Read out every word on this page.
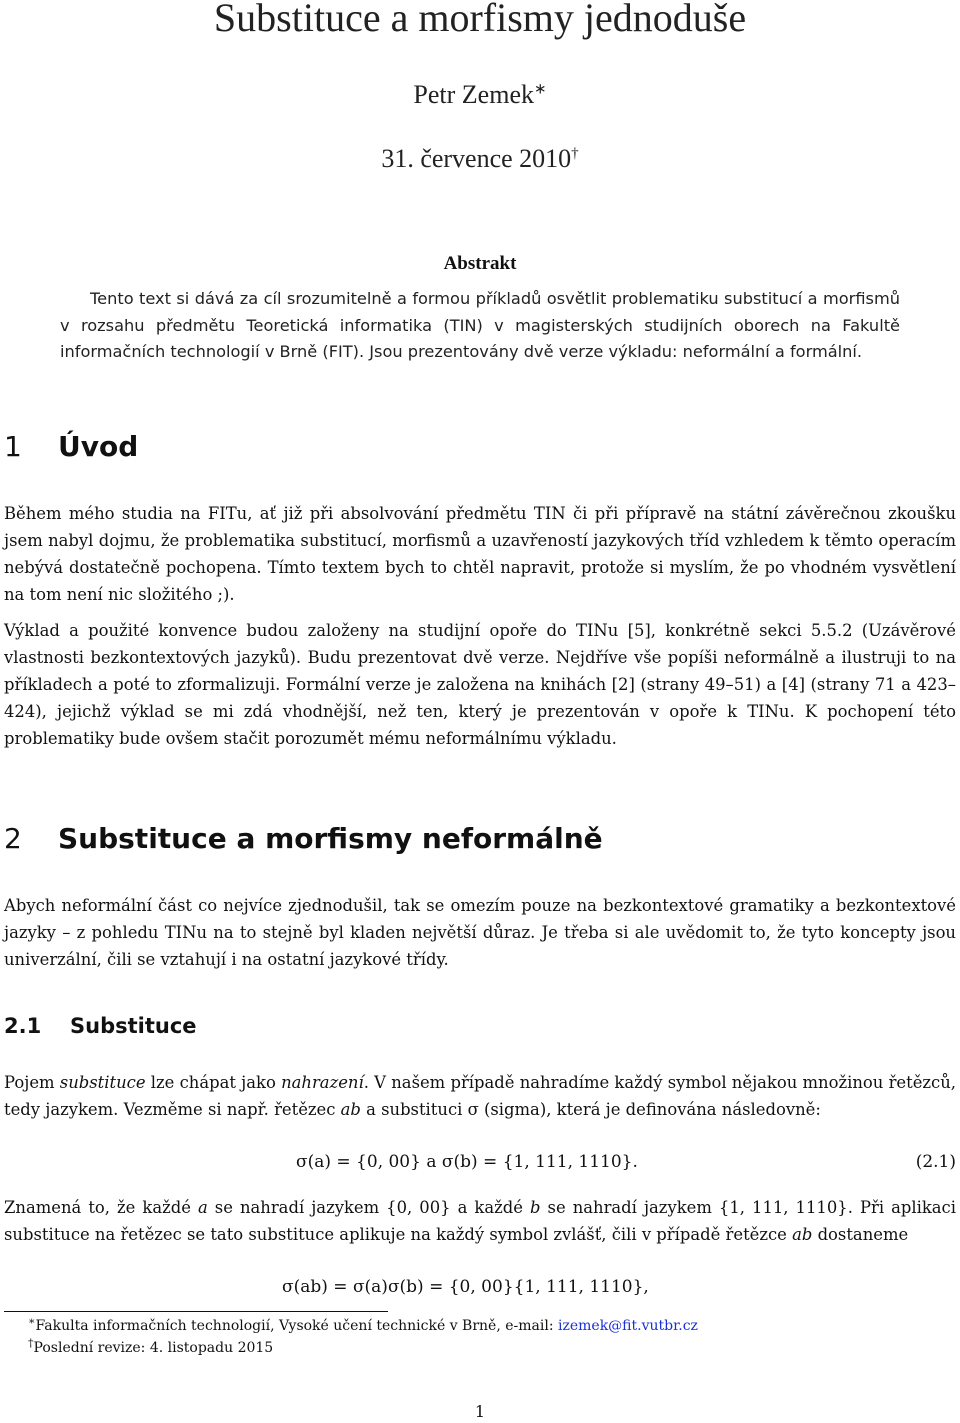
Substituce a morfismy jednoduše
Petr Zemek∗
31. července 2010†
Abstrakt
Tento text si dává za cíl srozumitelně a formou příkladů osvětlit problematiku substitucí a morfismů v rozsahu předmětu Teoretická informatika (TIN) v magisterských studijních oborech na Fakultě informačních technologií v Brně (FIT). Jsou prezentovány dvě verze výkladu: neformální a formální.
1 Úvod
Během mého studia na FITu, ať již při absolvování předmětu TIN či při přípravě na státní závěrečnou zkoušku jsem nabyl dojmu, že problematika substitucí, morfismů a uzavřeností jazykových tříd vzhledem k těmto operacím nebývá dostatečně pochopena. Tímto textem bych to chtěl napravit, protože si myslím, že po vhodném vysvětlení na tom není nic složitého ;).
Výklad a použité konvence budou založeny na studijní opoře do TINu [5], konkrétně sekci 5.5.2 (Uzávěrové vlastnosti bezkontextových jazyků). Budu prezentovat dvě verze. Nejdříve vše popíši neformálně a ilustruji to na příkladech a poté to zformalizuji. Formální verze je založena na knihách [2] (strany 49–51) a [4] (strany 71 a 423–424), jejichž výklad se mi zdá vhodnější, než ten, který je prezentován v opoře k TINu. K pochopení této problematiky bude ovšem stačit porozumět mému neformálnímu výkladu.
2 Substituce a morfismy neformálně
Abych neformální část co nejvíce zjednodušil, tak se omezím pouze na bezkontextové gramatiky a bezkontextové jazyky – z pohledu TINu na to stejně byl kladen největší důraz. Je třeba si ale uvědomit to, že tyto koncepty jsou univerzální, čili se vztahují i na ostatní jazykové třídy.
2.1 Substituce
Pojem substituce lze chápat jako nahrazení. V našem případě nahradíme každý symbol nějakou množinou řetězců, tedy jazykem. Vezměme si např. řetězec ab a substituci σ (sigma), která je definována následovně:
σ(a) = {0, 00} a σ(b) = {1, 111, 1110}.	(2.1)
Znamená to, že každé a se nahradí jazykem {0, 00} a každé b se nahradí jazykem {1, 111, 1110}. Při aplikaci substituce na řetězec se tato substituce aplikuje na každý symbol zvlášť, čili v případě řetězce ab dostaneme
σ(ab) = σ(a)σ(b) = {0, 00}{1, 111, 1110},
∗Fakulta informačních technologií, Vysoké učení technické v Brně, e-mail: izemek@fit.vutbr.cz
†Poslední revize: 4. listopadu 2015
1
